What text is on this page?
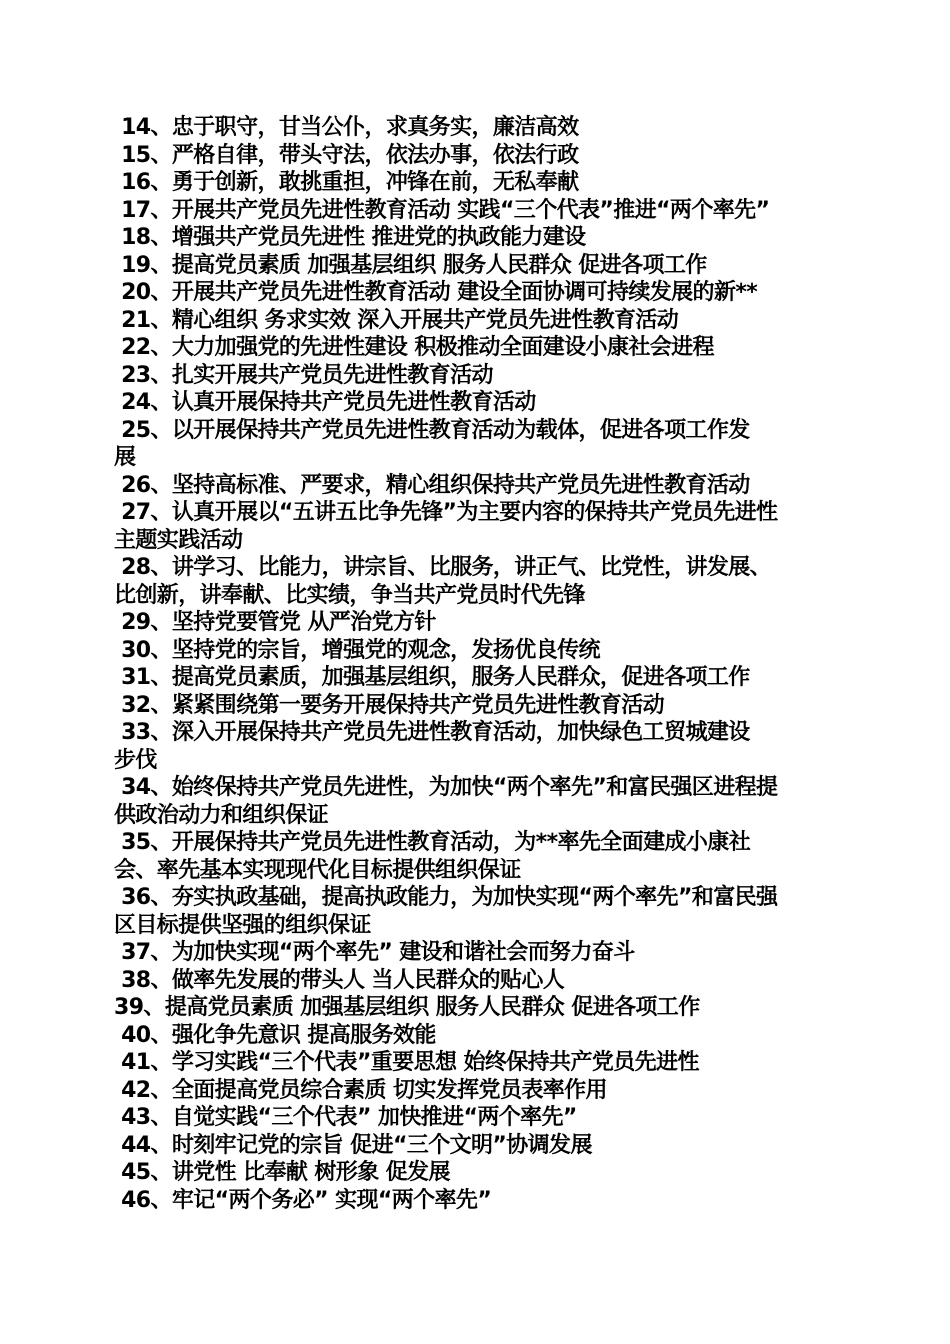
14、忠于职守，甘当公仆，求真务实，廉洁高效

15、严格自律，带头守法，依法办事，依法行政

16、勇于创新，敢挑重担，冲锋在前，无私奉献

17、开展共产党员先进性教育活动 实践“三个代表”推进“两个率先”

18、增强共产党员先进性 推进党的执政能力建设

19、提高党员素质 加强基层组织 服务人民群众 促进各项工作

20、开展共产党员先进性教育活动 建设全面协调可持续发展的新**

21、精心组织 务求实效 深入开展共产党员先进性教育活动

22、大力加强党的先进性建设 积极推动全面建设小康社会进程

23、扎实开展共产党员先进性教育活动

24、认真开展保持共产党员先进性教育活动

25、以开展保持共产党员先进性教育活动为载体，促进各项工作发
展

26、坚持高标准、严要求，精心组织保持共产党员先进性教育活动

27、认真开展以“五讲五比争先锋”为主要内容的保持共产党员先进性
主题实践活动

28、讲学习、比能力，讲宗旨、比服务，讲正气、比党性，讲发展、
比创新，讲奉献、比实绩，争当共产党员时代先锋

29、坚持党要管党 从严治党方针

30、坚持党的宗旨，增强党的观念，发扬优良传统

31、提高党员素质，加强基层组织，服务人民群众，促进各项工作

32、紧紧围绕第一要务开展保持共产党员先进性教育活动

33、深入开展保持共产党员先进性教育活动，加快绿色工贸城建设
步伐

34、始终保持共产党员先进性，为加快“两个率先”和富民强区进程提
供政治动力和组织保证

35、开展保持共产党员先进性教育活动，为**率先全面建成小康社
会、率先基本实现现代化目标提供组织保证

36、夯实执政基础，提高执政能力，为加快实现“两个率先”和富民强
区目标提供坚强的组织保证

37、为加快实现“两个率先” 建设和谐社会而努力奋斗

38、做率先发展的带头人 当人民群众的贴心人

39、提高党员素质 加强基层组织 服务人民群众 促进各项工作

40、强化争先意识 提高服务效能

41、学习实践“三个代表”重要思想 始终保持共产党员先进性

42、全面提高党员综合素质 切实发挥党员表率作用

43、自觉实践“三个代表” 加快推进“两个率先”

44、时刻牢记党的宗旨 促进“三个文明”协调发展

45、讲党性 比奉献 树形象 促发展

46、牢记“两个务必” 实现“两个率先”
